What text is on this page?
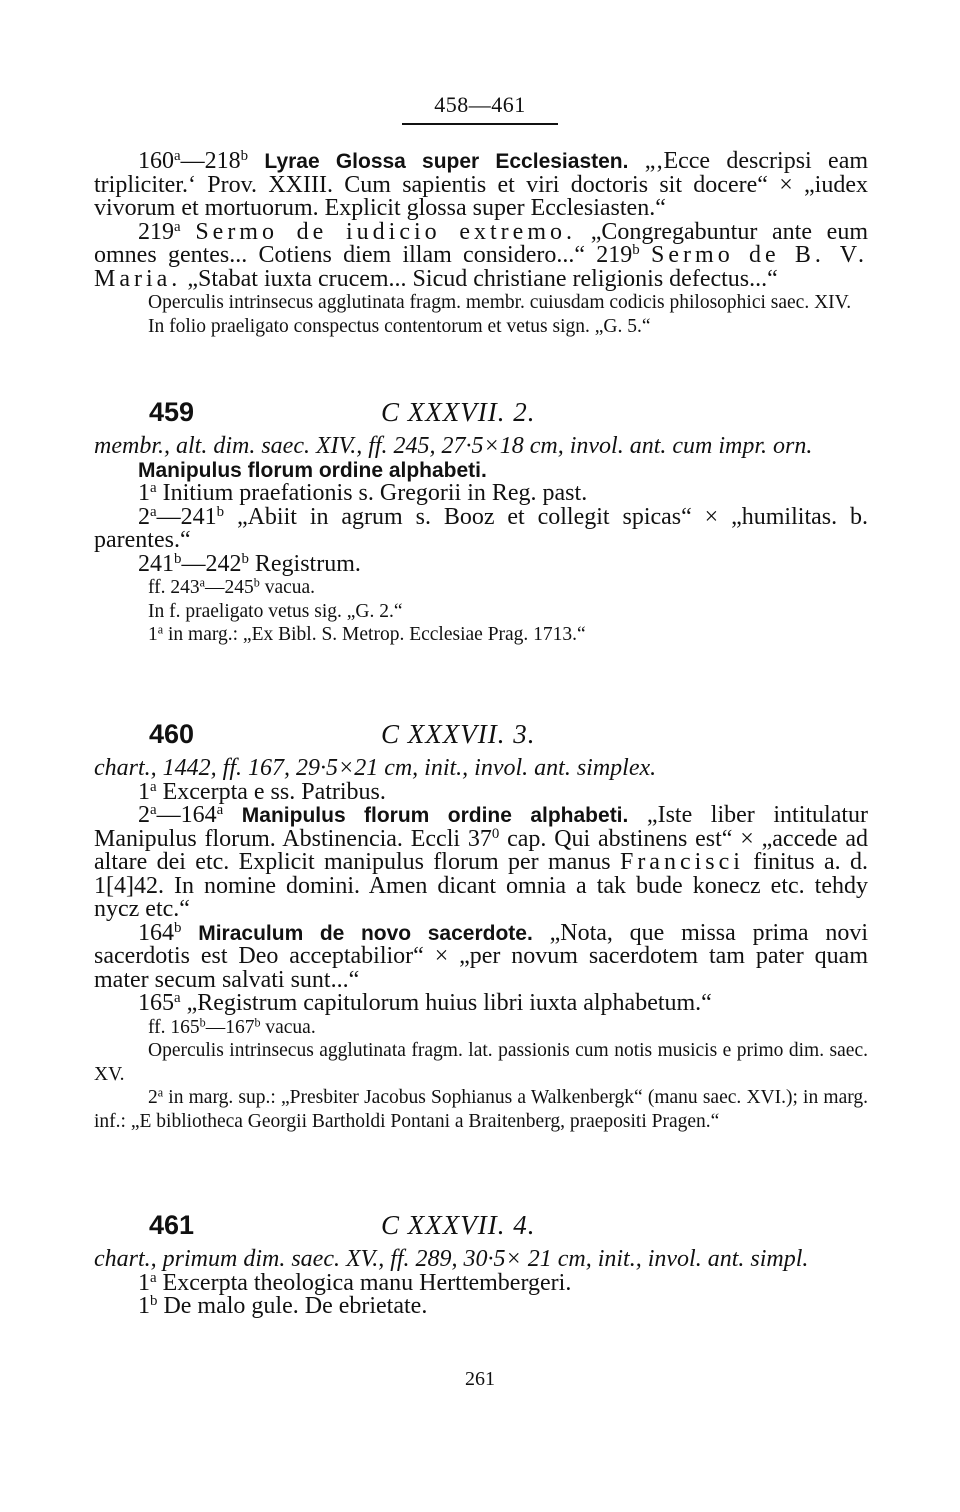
458—461

160$^a$—218$^b$ Lyrae Glossa super Ecclesiasten. „‚Ecce descripsi eam tripliciter.‘ Prov. XXIII. Cum sapientis et viri doctoris sit docere“ × „iudex vivorum et mortuorum. Explicit glossa super Ecclesiasten.“

219$^a$ Sermo de iudicio extremo. „Congregabuntur ante eum omnes gentes... Cotiens diem illam considero...“ 219$^b$ Sermo de B. V. Maria. „Stabat iuxta crucem... Sicud christiane religionis defectus...“

Operculis intrinsecus agglutinata fragm. membr. cuiusdam codicis philosophici saec. XIV.

In folio praeligato conspectus contentorum et vetus sign. „G. 5.“

459	C XXXVII. 2.

membr., alt. dim. saec. XIV., ff. 245, 27·5×18 cm, invol. ant. cum impr. orn.

Manipulus florum ordine alphabeti.

1$^a$ Initium praefationis s. Gregorii in Reg. past.

2$^a$—241$^b$ „Abiit in agrum s. Booz et collegit spicas“ × „humilitas. b. parentes.“

241$^b$—242$^b$ Registrum.

ff. 243$^a$—245$^b$ vacua.

In f. praeligato vetus sig. „G. 2.“

1$^a$ in marg.: „Ex Bibl. S. Metrop. Ecclesiae Prag. 1713.“

460	C XXXVII. 3.

chart., 1442, ff. 167, 29·5×21 cm, init., invol. ant. simplex.

1$^a$ Excerpta e ss. Patribus.

2$^a$—164$^a$ Manipulus florum ordine alphabeti. „Iste liber intitulatur Manipulus florum. Abstinencia. Eccli $37^0$ cap. Qui abstinens est“ × „accede ad altare dei etc. Explicit manipulus florum per manus Francisci finitus a. d. 1[4]42. In nomine domini. Amen dicant omnia a tak bude konecz etc. tehdy nycz etc.“

164$^b$ Miraculum de novo sacerdote. „Nota, que missa prima novi sacerdotis est Deo acceptabilior“ × „per novum sacerdotem tam pater quam mater secum salvati sunt...“

165$^a$ „Registrum capitulorum huius libri iuxta alphabetum.“

ff. 165$^b$—167$^b$ vacua.

Operculis intrinsecus agglutinata fragm. lat. passionis cum notis musicis e primo dim. saec. XV.

2$^a$ in marg. sup.: „Presbiter Jacobus Sophianus a Walkenbergk“ (manu saec. XVI.); in marg. inf.: „E bibliotheca Georgii Bartholdi Pontani a Braitenberg, praepositi Pragen.“

461	C XXXVII. 4.

chart., primum dim. saec. XV., ff. 289, 30·5× 21 cm, init., invol. ant. simpl.

1$^a$ Excerpta theologica manu Herttembergeri.

1$^b$ De malo gule. De ebrietate.

261
